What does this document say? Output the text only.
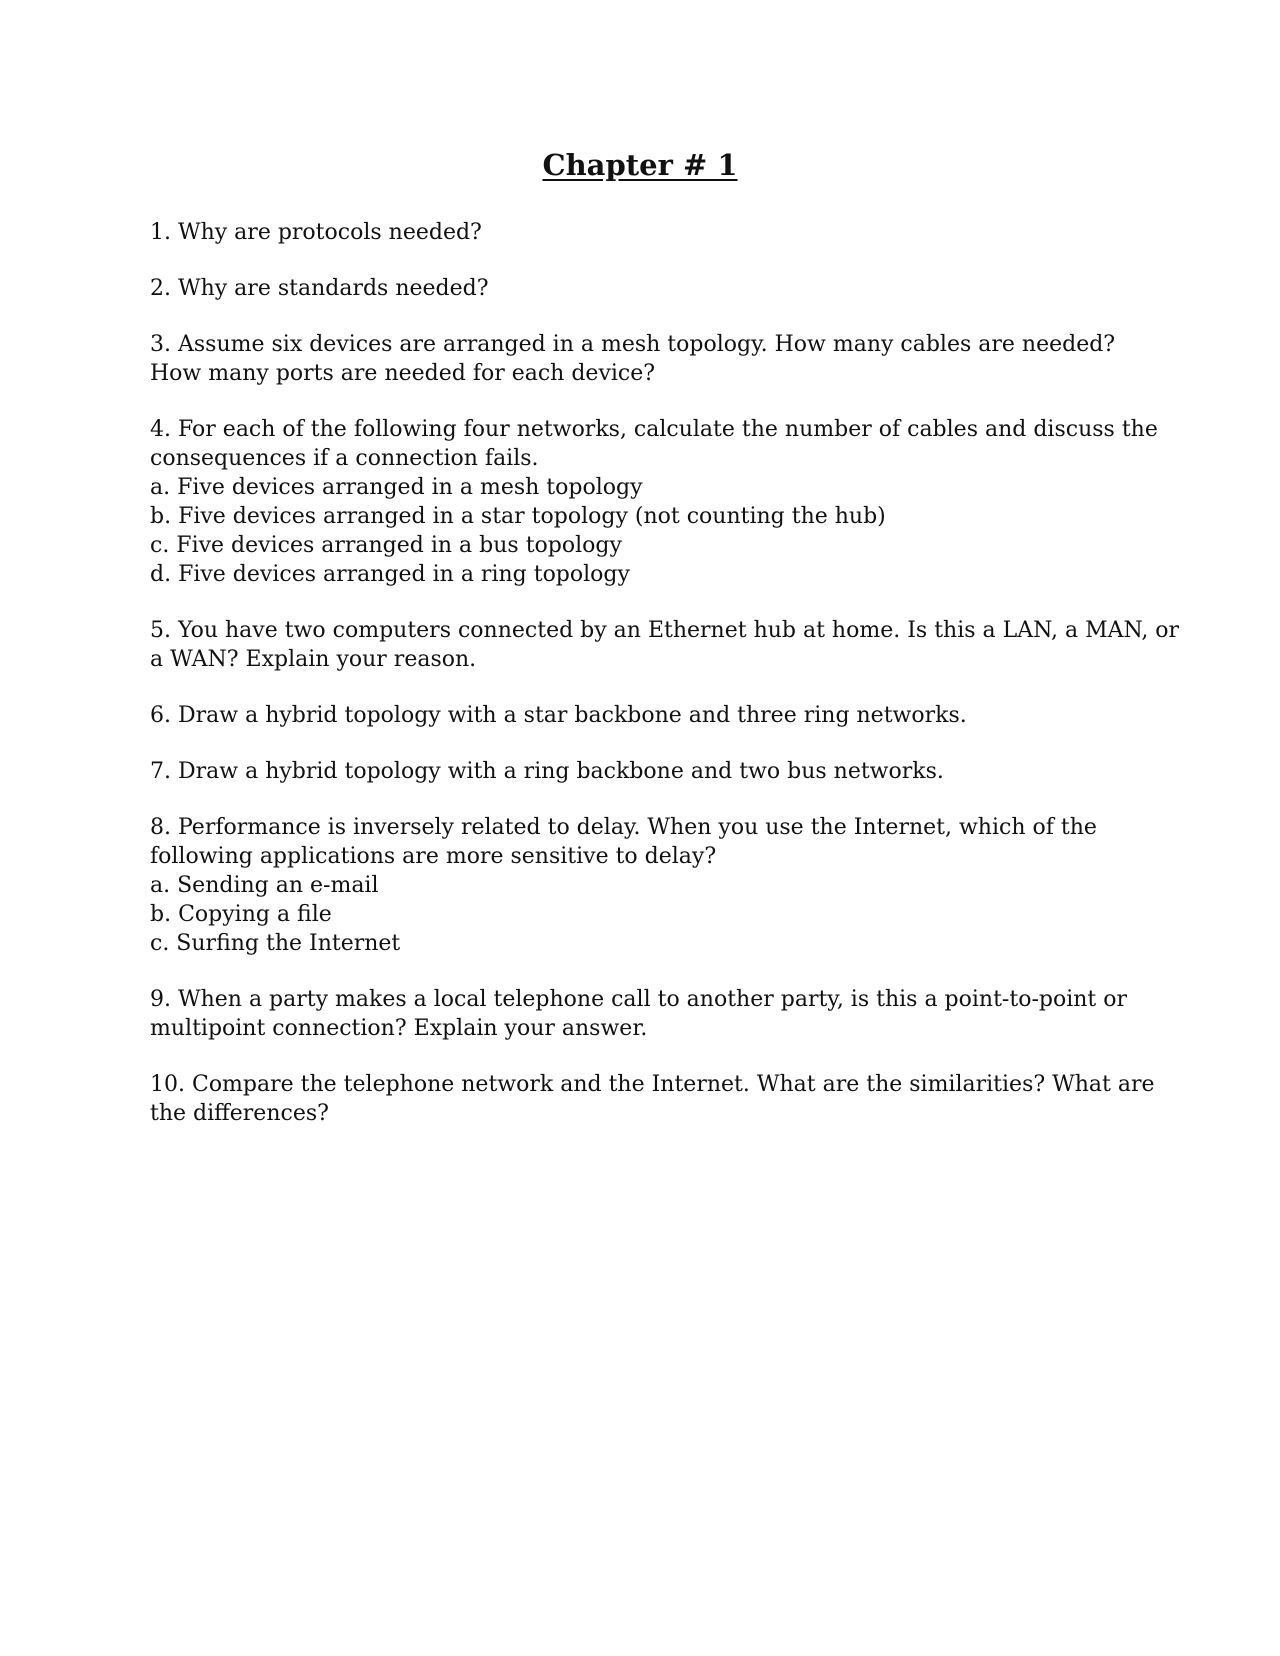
Chapter # 1
1. Why are protocols needed?
2. Why are standards needed?
3. Assume six devices are arranged in a mesh topology. How many cables are needed?
How many ports are needed for each device?
4. For each of the following four networks, calculate the number of cables and discuss the
consequences if a connection fails.
a. Five devices arranged in a mesh topology
b. Five devices arranged in a star topology (not counting the hub)
c. Five devices arranged in a bus topology
d. Five devices arranged in a ring topology
5. You have two computers connected by an Ethernet hub at home. Is this a LAN, a MAN, or
a WAN? Explain your reason.
6. Draw a hybrid topology with a star backbone and three ring networks.
7. Draw a hybrid topology with a ring backbone and two bus networks.
8. Performance is inversely related to delay. When you use the Internet, which of the
following applications are more sensitive to delay?
a. Sending an e-mail
b. Copying a file
c. Surfing the Internet
9. When a party makes a local telephone call to another party, is this a point-to-point or
multipoint connection? Explain your answer.
10. Compare the telephone network and the Internet. What are the similarities? What are
the differences?
